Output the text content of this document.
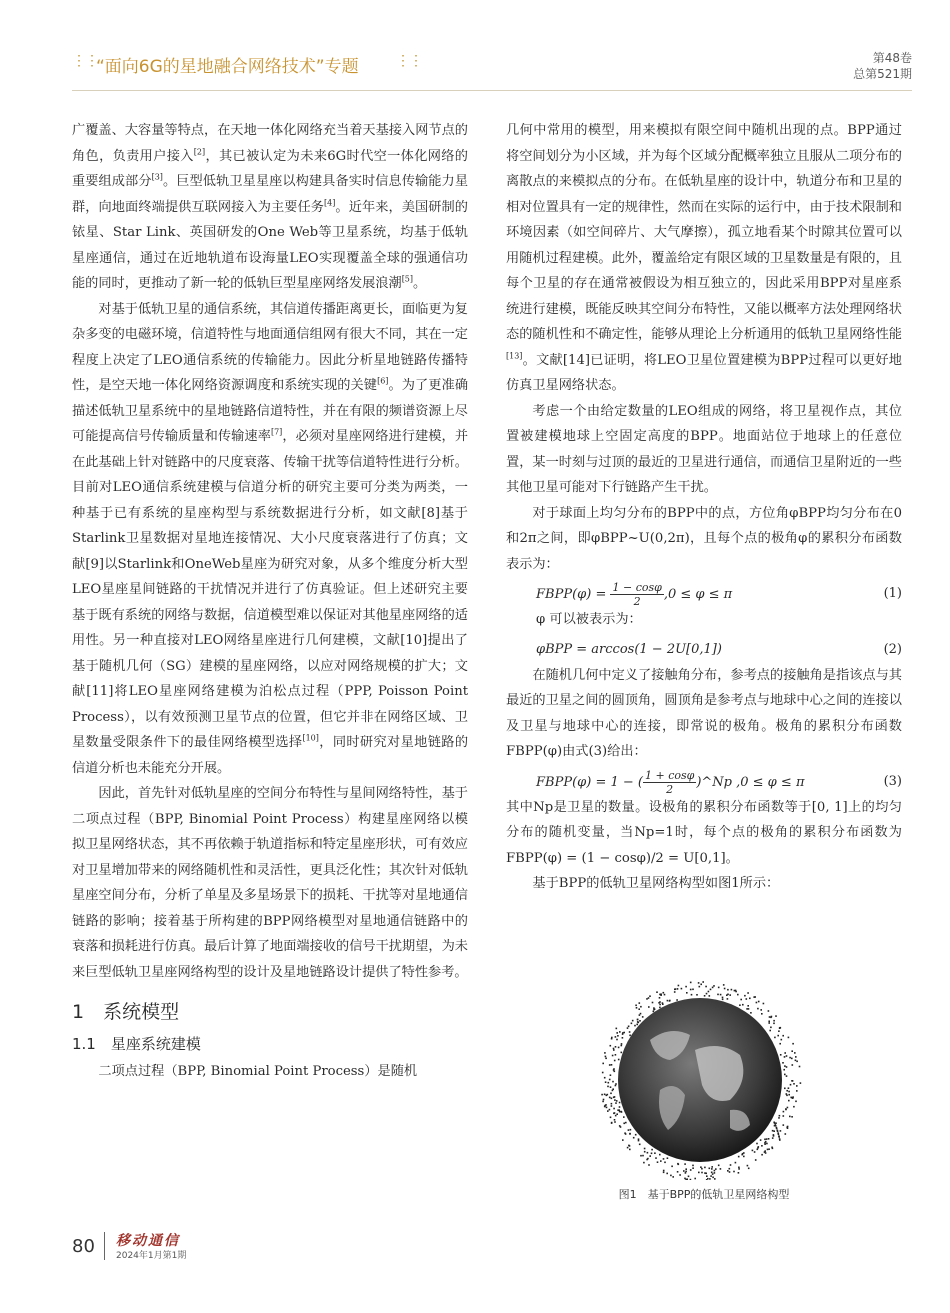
⋮⋮
“面向6G的星地融合网络技术”专题	⋮⋮	第48卷
总第521期

广覆盖、大容量等特点，在天地一体化网络充当着天基接入网节点的角色，负责用户接入[2]，其已被认定为未来6G时代空一体化网络的重要组成部分[3]。巨型低轨卫星星座以构建具备实时信息传输能力星群，向地面终端提供互联网接入为主要任务[4]。近年来，美国研制的铱星、Star Link、英国研发的One Web等卫星系统，均基于低轨星座通信，通过在近地轨道布设海量LEO实现覆盖全球的强通信功能的同时，更推动了新一轮的低轨巨型星座网络发展浪潮[5]。

对基于低轨卫星的通信系统，其信道传播距离更长，面临更为复杂多变的电磁环境，信道特性与地面通信组网有很大不同，其在一定程度上决定了LEO通信系统的传输能力。因此分析星地链路传播特性，是空天地一体化网络资源调度和系统实现的关键[6]。为了更准确描述低轨卫星系统中的星地链路信道特性，并在有限的频谱资源上尽可能提高信号传输质量和传输速率[7]，必须对星座网络进行建模，并在此基础上针对链路中的尺度衰落、传输干扰等信道特性进行分析。目前对LEO通信系统建模与信道分析的研究主要可分类为两类，一种基于已有系统的星座构型与系统数据进行分析，如文献[8]基于Starlink卫星数据对星地连接情况、大小尺度衰落进行了仿真；文献[9]以Starlink和OneWeb星座为研究对象，从多个维度分析大型LEO星座星间链路的干扰情况并进行了仿真验证。但上述研究主要基于既有系统的网络与数据，信道模型难以保证对其他星座网络的适用性。另一种直接对LEO网络星座进行几何建模，文献[10]提出了基于随机几何（SG）建模的星座网络，以应对网络规模的扩大；文献[11]将LEO星座网络建模为泊松点过程（PPP, Poisson Point Process），以有效预测卫星节点的位置，但它并非在网络区域、卫星数量受限条件下的最佳网络模型选择[10]，同时研究对星地链路的信道分析也未能充分开展。

因此，首先针对低轨星座的空间分布特性与星间网络特性，基于二项点过程（BPP, Binomial Point Process）构建星座网络以模拟卫星网络状态，其不再依赖于轨道指标和特定星座形状，可有效应对卫星增加带来的网络随机性和灵活性，更具泛化性；其次针对低轨星座空间分布，分析了单星及多星场景下的损耗、干扰等对星地通信链路的影响；接着基于所构建的BPP网络模型对星地通信链路中的衰落和损耗进行仿真。最后计算了地面端接收的信号干扰期望，为未来巨型低轨卫星座网络构型的设计及星地链路设计提供了特性参考。

1　系统模型
1.1　星座系统建模

二项点过程（BPP, Binomial Point Process）是随机

几何中常用的模型，用来模拟有限空间中随机出现的点。BPP通过将空间划分为小区域，并为每个区域分配概率独立且服从二项分布的离散点的来模拟点的分布。在低轨星座的设计中，轨道分布和卫星的相对位置具有一定的规律性，然而在实际的运行中，由于技术限制和环境因素（如空间碎片、大气摩擦），孤立地看某个时隙其位置可以用随机过程建模。此外，覆盖给定有限区域的卫星数量是有限的，且每个卫星的存在通常被假设为相互独立的，因此采用BPP对星座系统进行建模，既能反映其空间分布特性，又能以概率方法处理网络状态的随机性和不确定性，能够从理论上分析通用的低轨卫星网络性能[13]。文献[14]已证明，将LEO卫星位置建模为BPP过程可以更好地仿真卫星网络状态。

考虑一个由给定数量的LEO组成的网络，将卫星视作点，其位置被建模地球上空固定高度的BPP。地面站位于地球上的任意位置，某一时刻与过顶的最近的卫星进行通信，而通信卫星附近的一些其他卫星可能对下行链路产生干扰。

对于球面上均匀分布的BPP中的点，方位角φBPP均匀分布在0和2π之间，即φBPP~U(0,2π)，且每个点的极角φ的累积分布函数表示为：

FBPP(φ) = $\frac{1 - \cos\varphi}{2} ,0 \le \varphi \le \pi$	(1)
φ 可以被表示为：
φBPP = arccos(1 − 2U[0,1])	(2)

在随机几何中定义了接触角分布，参考点的接触角是指该点与其最近的卫星之间的圆顶角，圆顶角是参考点与地球中心之间的连接以及卫星与地球中心的连接，即常说的极角。极角的累积分布函数FBPP(φ)由式(3)给出：

FBPP(φ) = 1 − ( $\frac{1 + \cos\varphi}{2}$ )^Np ,0 ≤ φ ≤ π	(3)

其中Np是卫星的数量。设极角的累积分布函数等于[0, 1]上的均匀分布的随机变量，当Np=1时，每个点的极角的累积分布函数为FBPP(φ) = (1 − cosφ)/2 = U[0,1]。

基于BPP的低轨卫星网络构型如图1所示：

图1　基于BPP的低轨卫星网络构型
80 移动通信
2024年1月第1期
